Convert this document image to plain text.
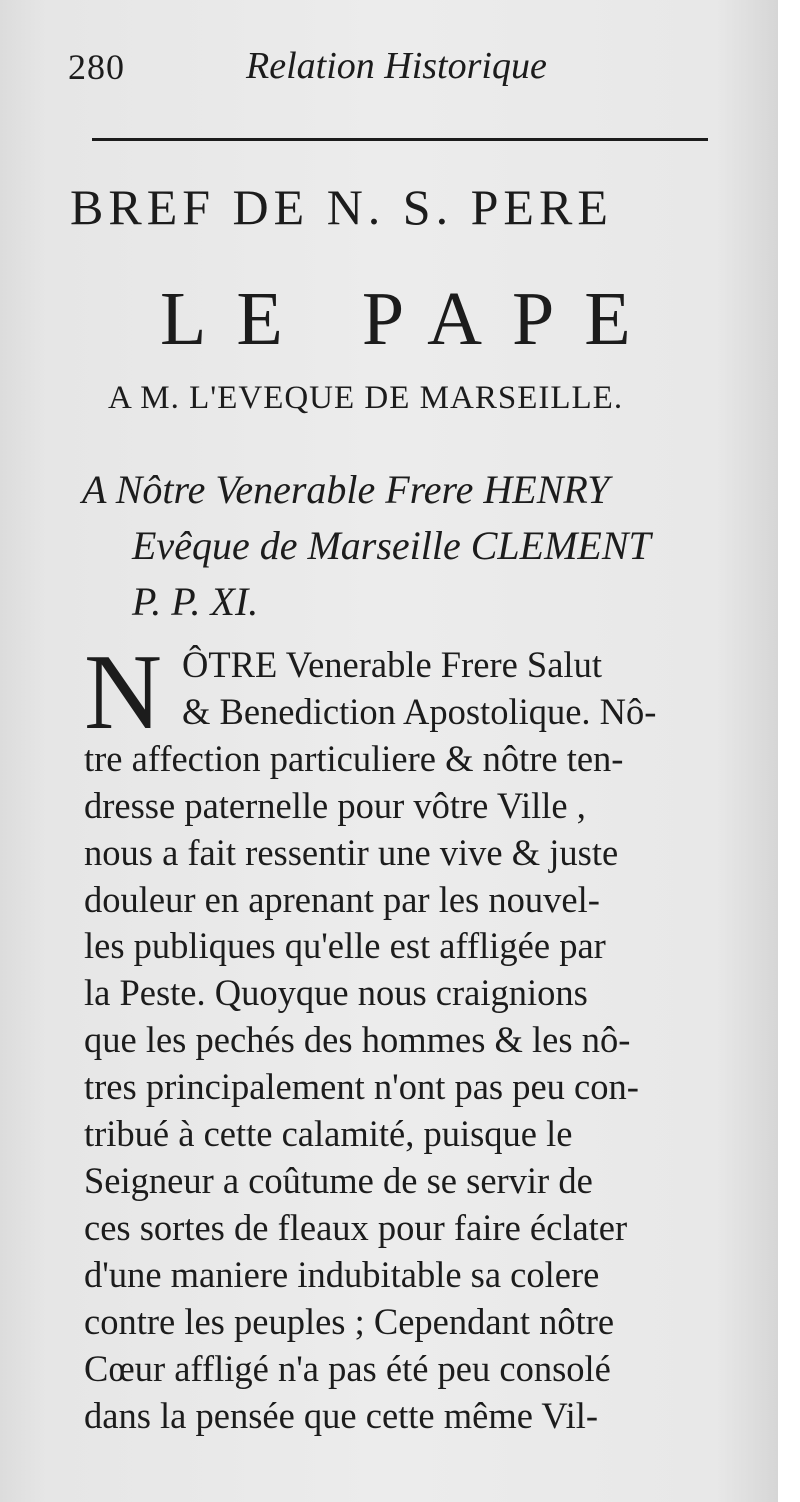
280	Relation Historique
BREF DE N. S. PERE
LE PAPE
A M. L'EVEQUE DE MARSEILLE.
A Nôtre Venerable Frere HENRY
Evêque de Marseille CLEMENT
P. P. XI.
N ÔTRE Venerable Frere Salut
& Benediction Apostolique. Nô-
tre affection particuliere & nôtre ten-
dresse paternelle pour vôtre Ville ,
nous a fait ressentir une vive & juste
douleur en aprenant par les nouvel-
les publiques qu'elle est affligée par
la Peste. Quoyque nous craignions
que les pechés des hommes & les nô-
tres principalement n'ont pas peu con-
tribué à cette calamité, puisque le
Seigneur a coûtume de se servir de
ces sortes de fleaux pour faire éclater
d'une maniere indubitable sa colere
contre les peuples ; Cependant nôtre
Cœur affligé n'a pas été peu consolé
dans la pensée que cette même Vil-
